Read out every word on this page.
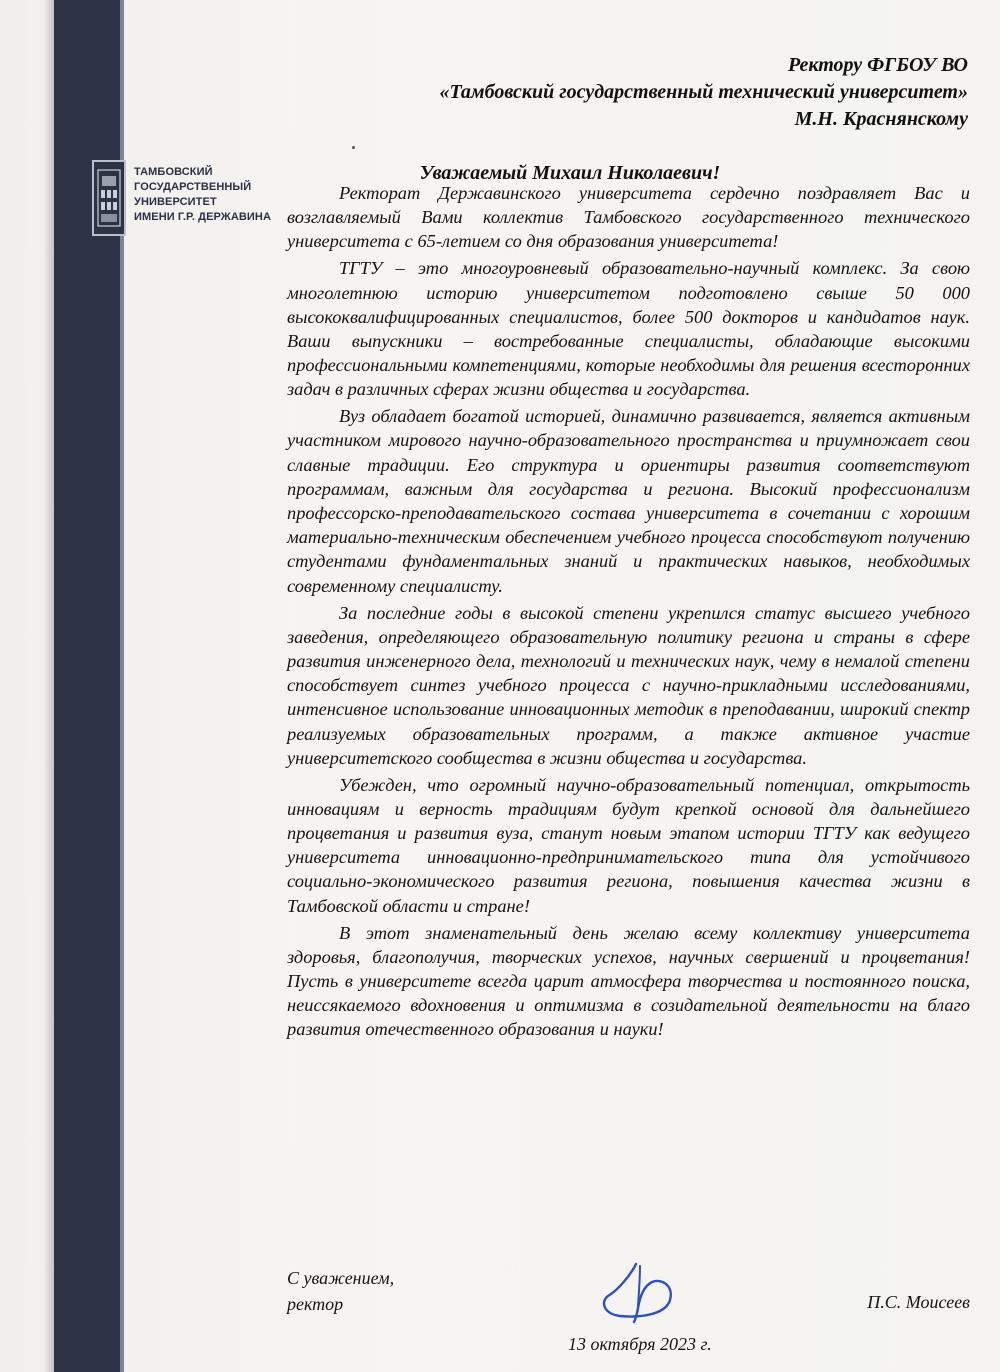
ТАМБОВСКИЙ
ГОСУДАРСТВЕННЫЙ
УНИВЕРСИТЕТ
ИМЕНИ Г.Р. ДЕРЖАВИНА
Ректору ФГБОУ ВО
«Тамбовский государственный технический университет»
М.Н. Краснянскому
Уважаемый Михаил Николаевич!

Ректорат Державинского университета сердечно поздравляет Вас и возглавляемый Вами коллектив Тамбовского государственного технического университета с 65-летием со дня образования университета!

ТГТУ – это многоуровневый образовательно-научный комплекс. За свою многолетнюю историю университетом подготовлено свыше 50 000 высококвалифицированных специалистов, более 500 докторов и кандидатов наук. Ваши выпускники – востребованные специалисты, обладающие высокими профессиональными компетенциями, которые необходимы для решения всесторонних задач в различных сферах жизни общества и государства.

Вуз обладает богатой историей, динамично развивается, является активным участником мирового научно-образовательного пространства и приумножает свои славные традиции. Его структура и ориентиры развития соответствуют программам, важным для государства и региона. Высокий профессионализм профессорско-преподавательского состава университета в сочетании с хорошим материально-техническим обеспечением учебного процесса способствуют получению студентами фундаментальных знаний и практических навыков, необходимых современному специалисту.

За последние годы в высокой степени укрепился статус высшего учебного заведения, определяющего образовательную политику региона и страны в сфере развития инженерного дела, технологий и технических наук, чему в немалой степени способствует синтез учебного процесса с научно-прикладными исследованиями, интенсивное использование инновационных методик в преподавании, широкий спектр реализуемых образовательных программ, а также активное участие университетского сообщества в жизни общества и государства.

Убежден, что огромный научно-образовательный потенциал, открытость инновациям и верность традициям будут крепкой основой для дальнейшего процветания и развития вуза, станут новым этапом истории ТГТУ как ведущего университета инновационно-предпринимательского типа для устойчивого социально-экономического развития региона, повышения качества жизни в Тамбовской области и стране!

В этот знаменательный день желаю всему коллективу университета здоровья, благополучия, творческих успехов, научных свершений и процветания! Пусть в университете всегда царит атмосфера творчества и постоянного поиска, неиссякаемого вдохновения и оптимизма в созидательной деятельности на благо развития отечественного образования и науки!

С уважением,
ректор	П.С. Моисеев
13 октября 2023 г.
